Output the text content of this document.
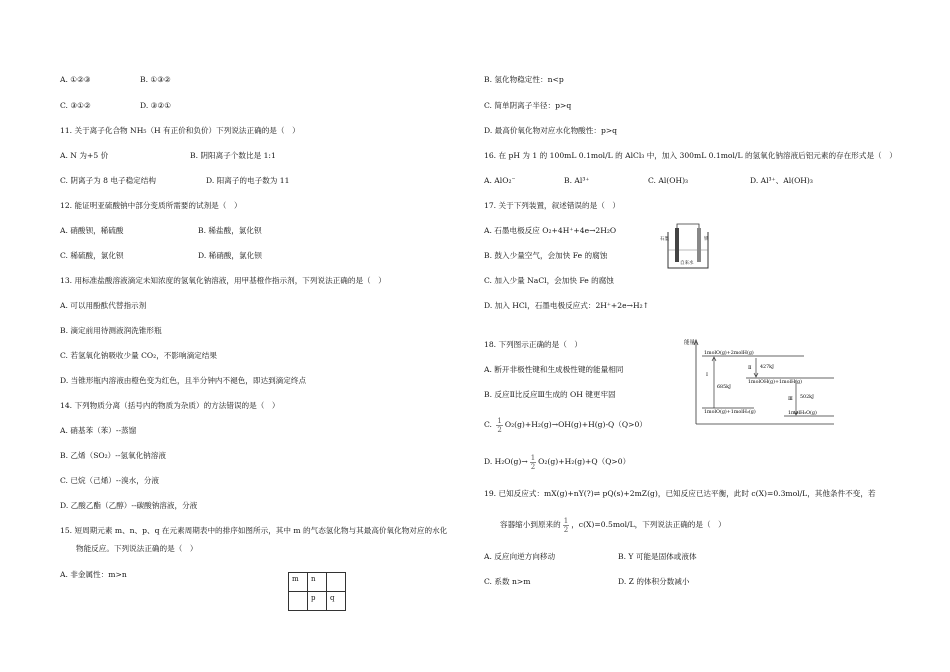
A. ①②③	B. ①③②
C. ③①②	D. ③②①
11. 关于离子化合物 NH₅（H 有正价和负价）下列说法正确的是（　）
A. N 为+5 价	B. 阴阳离子个数比是 1:1
C. 阴离子为 8 电子稳定结构	D. 阳离子的电子数为 11
12. 能证明亚硫酸钠中部分变质所需要的试剂是（　）
A. 硝酸钡，稀硫酸	B. 稀盐酸，氯化钡
C. 稀硫酸，氯化钡	D. 稀硝酸，氯化钡
13. 用标准盐酸溶液滴定未知浓度的氢氧化钠溶液，用甲基橙作指示剂，下列说法正确的是（　）
A. 可以用酚酞代替指示剂
B. 滴定前用待测液润洗锥形瓶
C. 若氢氧化钠吸收少量 CO₂，不影响滴定结果
D. 当锥形瓶内溶液由橙色变为红色，且半分钟内不褪色，即达到滴定终点
14. 下列物质分离（括号内的物质为杂质）的方法错误的是（　）
A. 硝基苯（苯）--蒸馏
B. 乙烯（SO₂）--氢氧化钠溶液
C. 已烷（己烯）--溴水，分液
D. 乙酸乙酯（乙醇）--碳酸钠溶液，分液
15. 短周期元素 m、n、p、q 在元素周期表中的排序如图所示，其中 m 的气态氢化物与其最高价氧化物对应的水化
物能反应。下列说法正确的是（　）
A. 非金属性：m>n	m	n	
	p	q
B. 氢化物稳定性：n<p
C. 简单阴离子半径：p>q
D. 最高价氧化物对应水化物酸性：p>q
16. 在 pH 为 1 的 100mL 0.1mol/L 的 AlCl₃ 中，加入 300mL 0.1mol/L 的氢氧化钠溶液后铝元素的存在形式是（　）
A. AlO₂⁻	B. Al³⁺	C. Al(OH)₃	D. Al³⁺、Al(OH)₃
17. 关于下列装置，叙述错误的是（　）
A. 石墨电极反应 O₂+4H⁺+4e→2H₂O
B. 鼓入少量空气，会加快 Fe 的腐蚀
C. 加入少量 NaCl，会加快 Fe 的腐蚀
D. 加入 HCl，石墨电极反应式：2H⁺+2e→H₂↑
18. 下列图示正确的是（　）
A. 断开非极性键和生成极性键的能量相同
B. 反应Ⅱ比反应Ⅲ生成的 OH 键更牢固
C. $\frac{1}{2} O_2(g)+H_2(g)\to OH(g)+H(g)-Q(Q>0)$
D. $H_2O(g)\to \frac{1}{2} O_2(g)+H_2(g)+Q(Q>0)$
19. 已知反应式：mX(g)+nY(?)⇌ pQ(s)+2mZ(g)，已知反应已达平衡，此时 c(X)=0.3mol/L，其他条件不变，若
容器缩小到原来的 $\frac{1}{2}$ ，c(X)=0.5mol/L，下列说法正确的是（　）
A. 反应向逆方向移动	B. Y 可能是固体或液体
C. 系数 n>m	D. Z 的体积分数减小
石墨	铁
自来水
能量
1molO(g)+2molH(g)
1molOH(g)+1molH(g)
1molO(g)+1molH₂(g)	1molH₂O(g)
Ⅰ
685kJ
Ⅱ 427kJ
Ⅲ 502kJ
